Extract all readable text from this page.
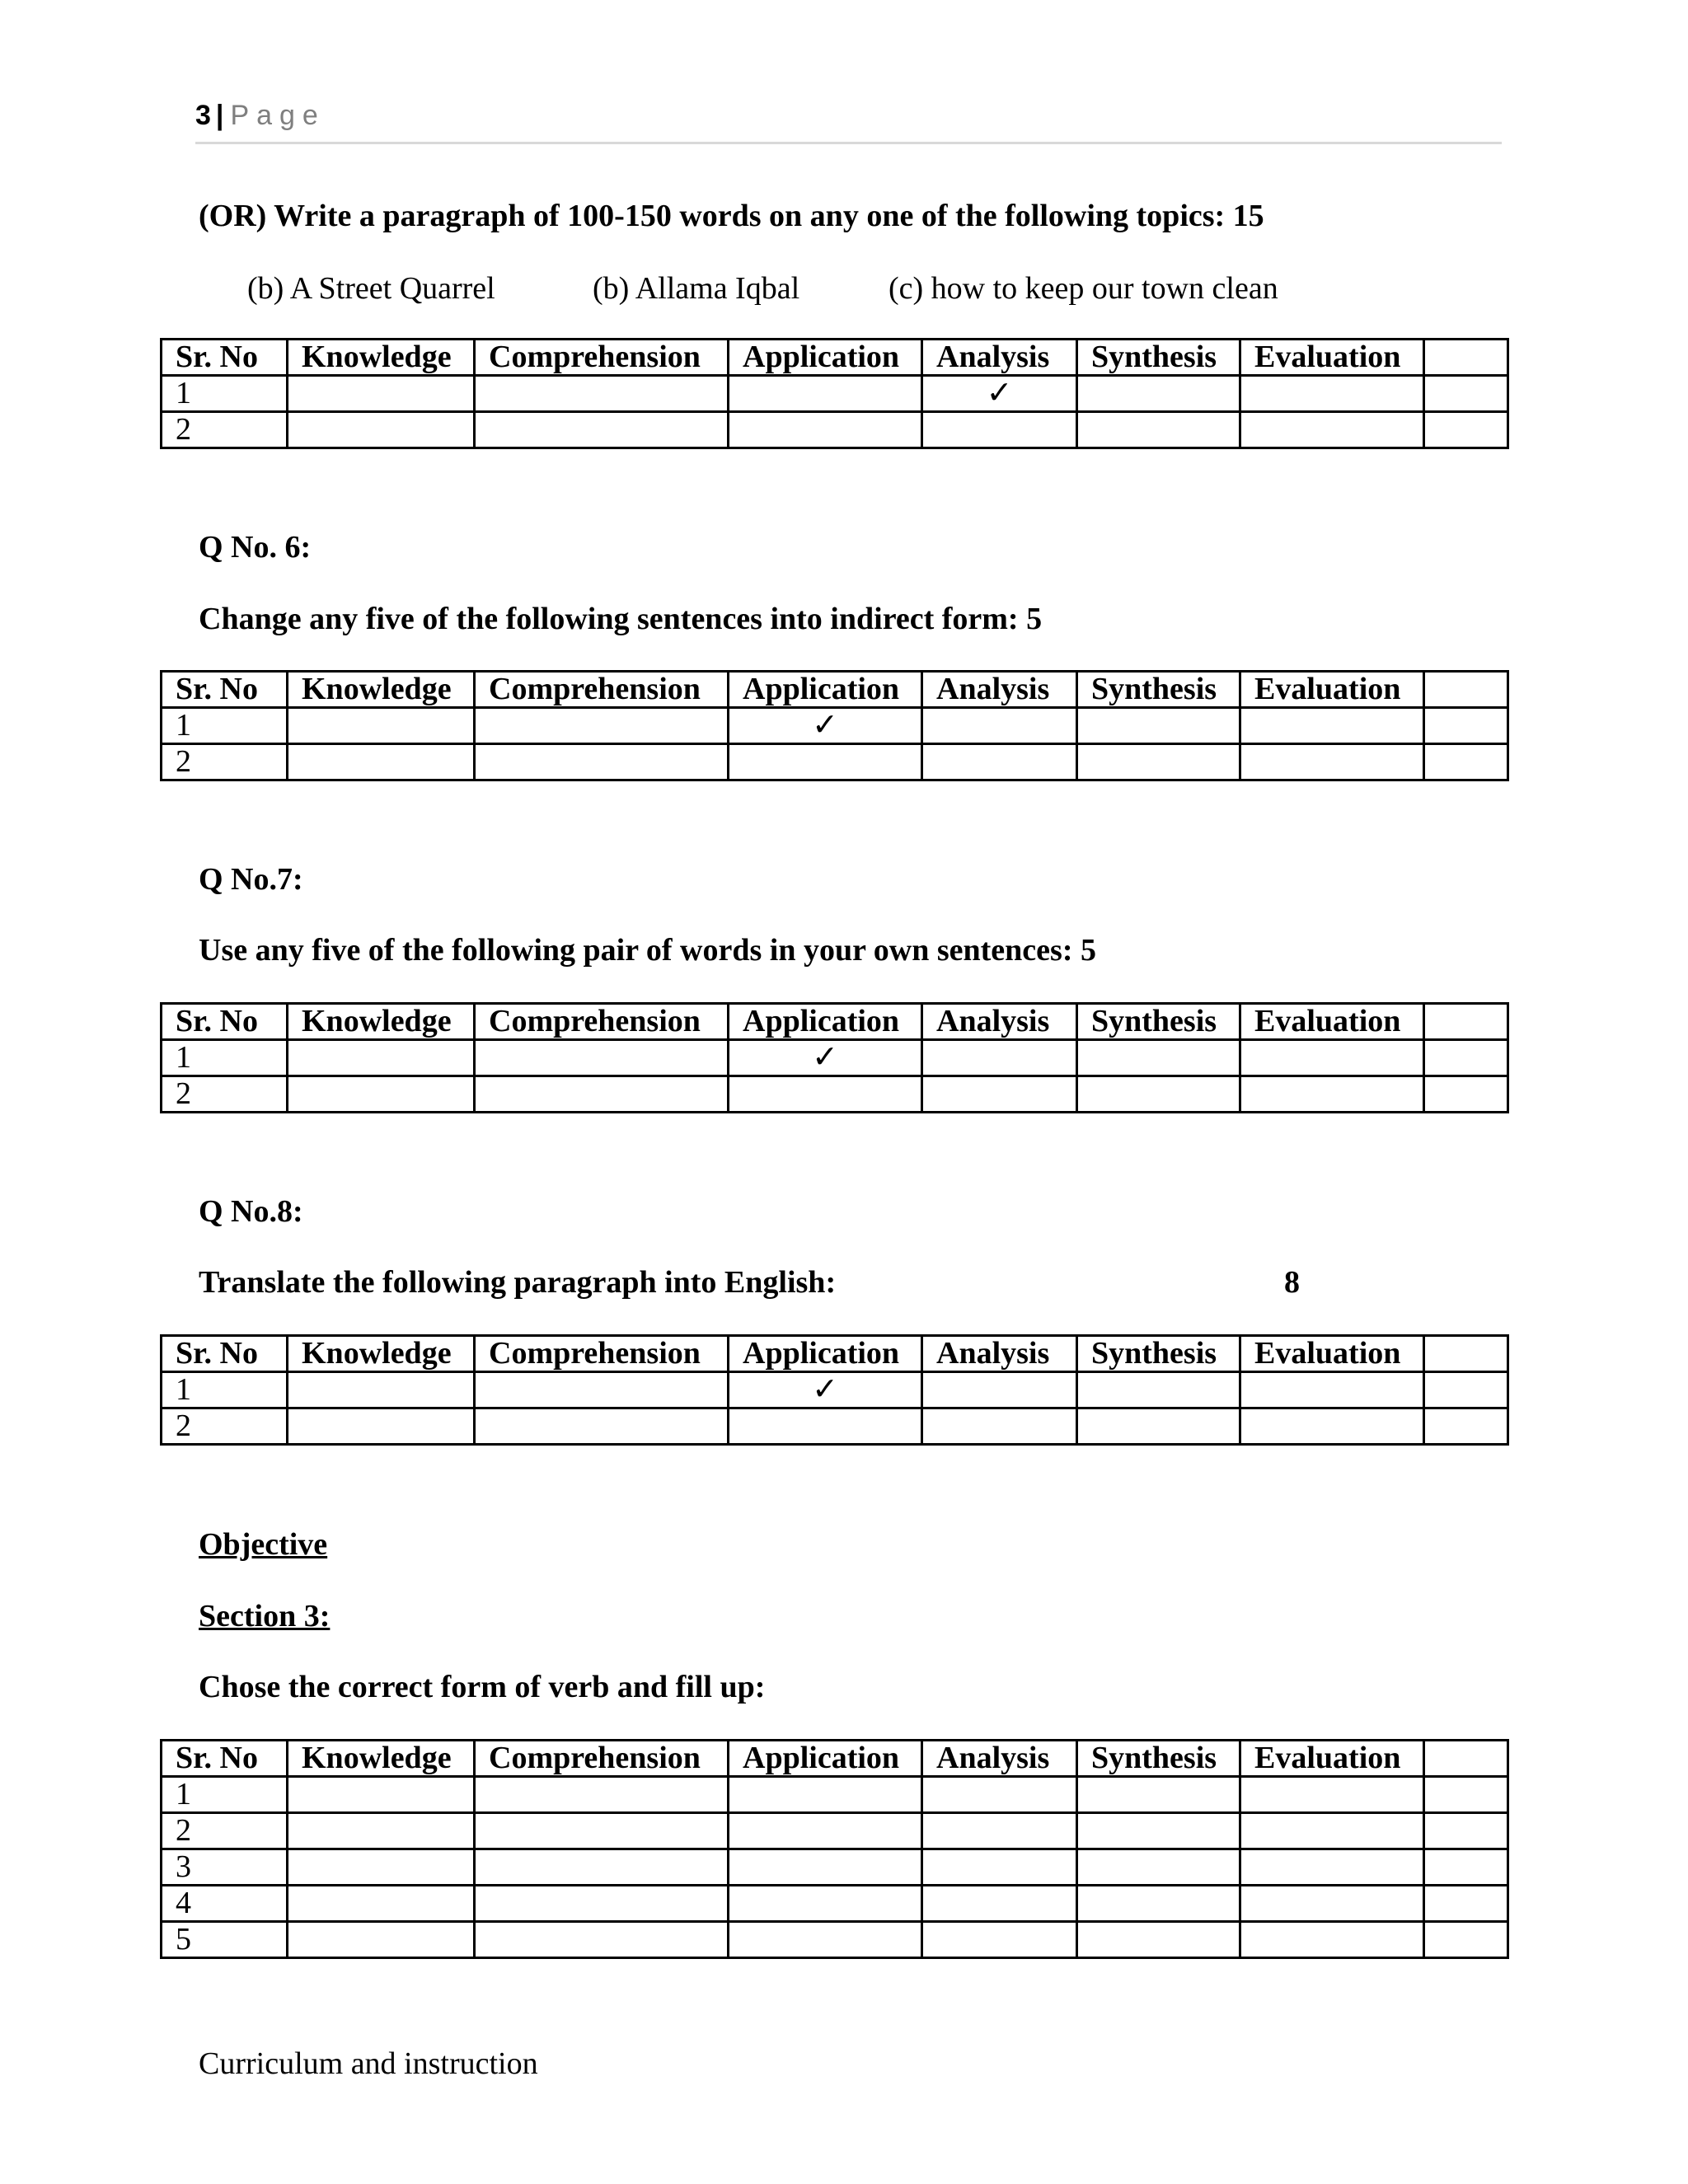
3 | Page
(OR) Write a paragraph of 100-150 words on any one of the following topics: 15
(b) A Street Quarrel	(b) Allama Iqbal	(c) how to keep our town clean
Sr. No	Knowledge	Comprehension	Application	Analysis	Synthesis	Evaluation	
1				✓			
2							
Q No. 6:
Change any five of the following sentences into indirect form: 5
Sr. No	Knowledge	Comprehension	Application	Analysis	Synthesis	Evaluation	
1			✓				
2							
Q No.7:
Use any five of the following pair of words in your own sentences: 5
Sr. No	Knowledge	Comprehension	Application	Analysis	Synthesis	Evaluation	
1			✓				
2							
Q No.8:
Translate the following paragraph into English:	8
Sr. No	Knowledge	Comprehension	Application	Analysis	Synthesis	Evaluation	
1			✓				
2							
Objective
Section 3:
Chose the correct form of verb and fill up:
Sr. No	Knowledge	Comprehension	Application	Analysis	Synthesis	Evaluation	
1							
2							
3							
4							
5							
Curriculum and instruction
